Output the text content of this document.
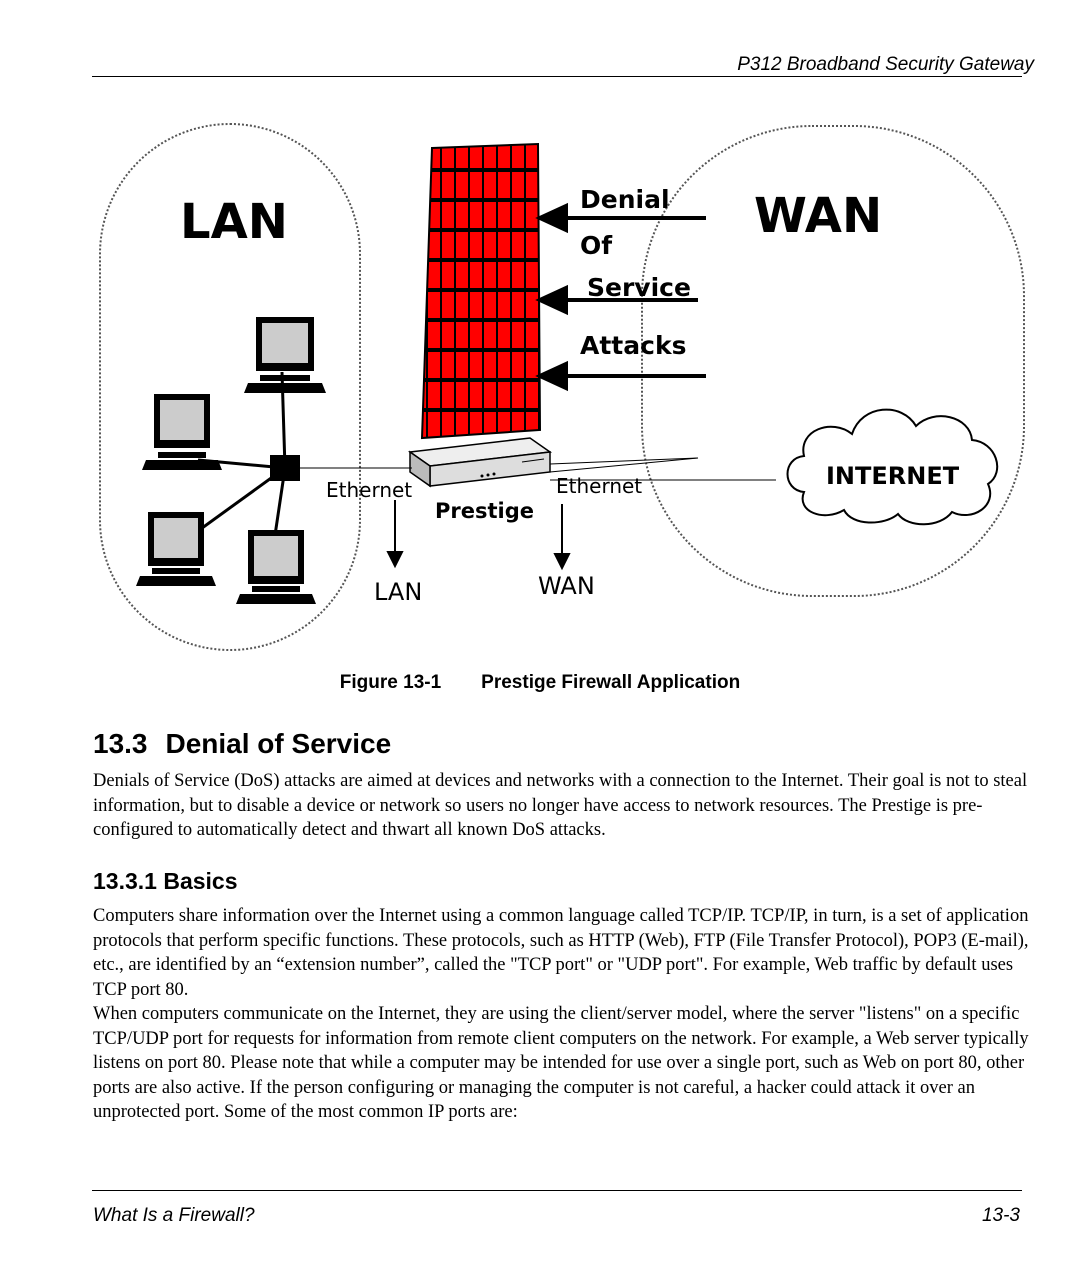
P312 Broadband Security Gateway
LAN	WAN
Denial
Of
Service
Attacks
Ethernet	Ethernet
Prestige
LAN	WAN
INTERNET
Figure 13-1 Prestige Firewall Application
13.3 Denial of Service

Denials of Service (DoS) attacks are aimed at devices and networks with a connection to the Internet. Their goal is not to steal information, but to disable a device or network so users no longer have access to network resources. The Prestige is pre-configured to automatically detect and thwart all known DoS attacks.

13.3.1 Basics

Computers share information over the Internet using a common language called TCP/IP. TCP/IP, in turn, is a set of application protocols that perform specific functions. These protocols, such as HTTP (Web), FTP (File Transfer Protocol), POP3 (E-mail), etc., are identified by an “extension number”, called the "TCP port" or "UDP port". For example, Web traffic by default uses TCP port 80.

When computers communicate on the Internet, they are using the client/server model, where the server "listens" on a specific TCP/UDP port for requests for information from remote client computers on the network. For example, a Web server typically listens on port 80. Please note that while a computer may be intended for use over a single port, such as Web on port 80, other ports are also active. If the person configuring or managing the computer is not careful, a hacker could attack it over an unprotected port. Some of the most common IP ports are:

What Is a Firewall?	13-3
